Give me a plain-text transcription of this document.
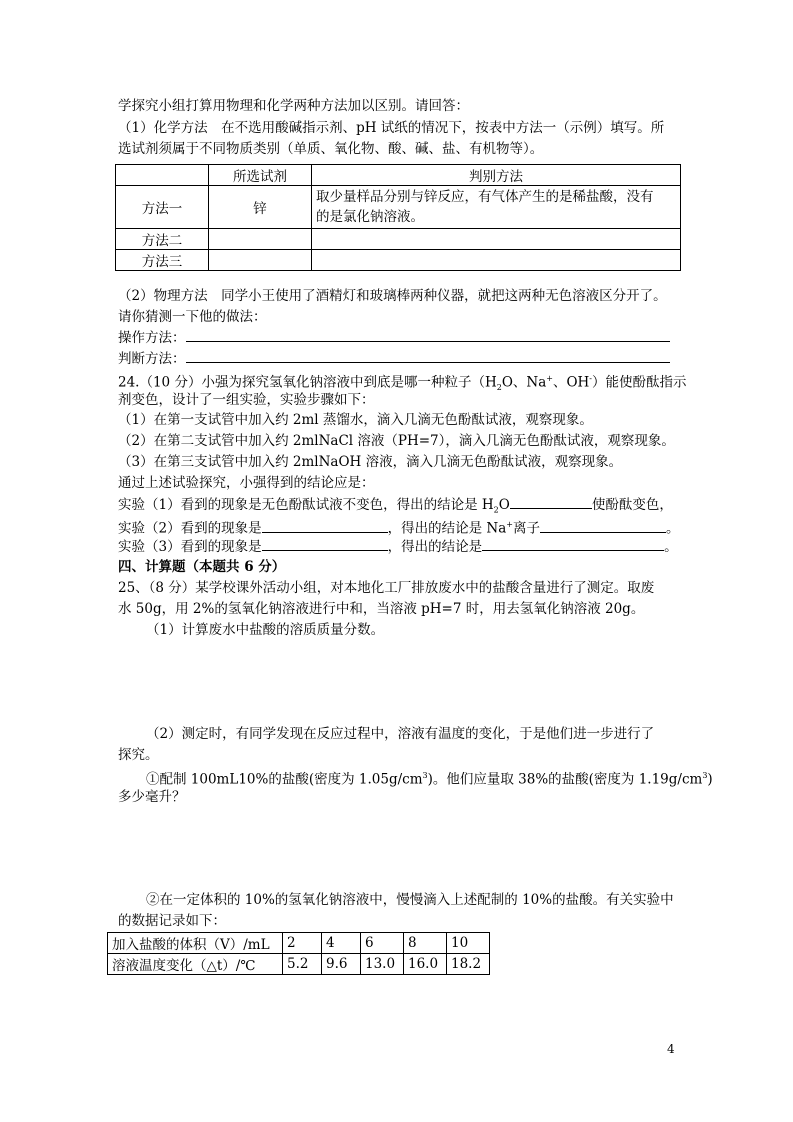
学探究小组打算用物理和化学两种方法加以区别。请回答：
（1）化学方法　在不选用酸碱指示剂、pH 试纸的情况下，按表中方法一（示例）填写。所
选试剂须属于不同物质类别（单质、氧化物、酸、碱、盐、有机物等）。
	所选试剂	判别方法
方法一	锌	取少量样品分别与锌反应，有气体产生的是稀盐酸，没有
的是氯化钠溶液。

方法二		
方法三		
（2）物理方法　同学小王使用了酒精灯和玻璃棒两种仪器，就把这两种无色溶液区分开了。
请你猜测一下他的做法：
操作方法：
判断方法：
24.（10 分）小强为探究氢氧化钠溶液中到底是哪一种粒子（$H_2O$、Na+、OH-）能使酚酞指示
剂变色，设计了一组实验，实验步骤如下：
（1）在第一支试管中加入约 2ml 蒸馏水，滴入几滴无色酚酞试液，观察现象。
（2）在第二支试管中加入约 2mlNaCl 溶液（PH=7），滴入几滴无色酚酞试液，观察现象。
（3）在第三支试管中加入约 2mlNaOH 溶液，滴入几滴无色酚酞试液，观察现象。
通过上述试验探究，小强得到的结论应是：
实验（1）看到的现象是无色酚酞试液不变色，得出的结论是 $H_2O$	使酚酞变色，
实验（2）看到的现象是	，得出的结论是 Na+离子	。
实验（3）看到的现象是	，得出的结论是	。
四、计算题（本题共 6 分）
25、（8 分）某学校课外活动小组，对本地化工厂排放废水中的盐酸含量进行了测定。取废
水 50g，用 2%的氢氧化钠溶液进行中和，当溶液 pH=7 时，用去氢氧化钠溶液 20g。
（1）计算废水中盐酸的溶质质量分数。
（2）测定时，有同学发现在反应过程中，溶液有温度的变化，于是他们进一步进行了
探究。
①配制 100mL10%的盐酸(密度为 $1.05g/cm^3$)。他们应量取 38%的盐酸(密度为 $1.19g/cm^3$)
多少毫升？
②在一定体积的 10%的氢氧化钠溶液中，慢慢滴入上述配制的 10%的盐酸。有关实验中
的数据记录如下：
加入盐酸的体积（V）/mL	2	4	6	8	10
溶液温度变化（△t）/℃	5.2	9.6	13.0	16.0	18.2
4
